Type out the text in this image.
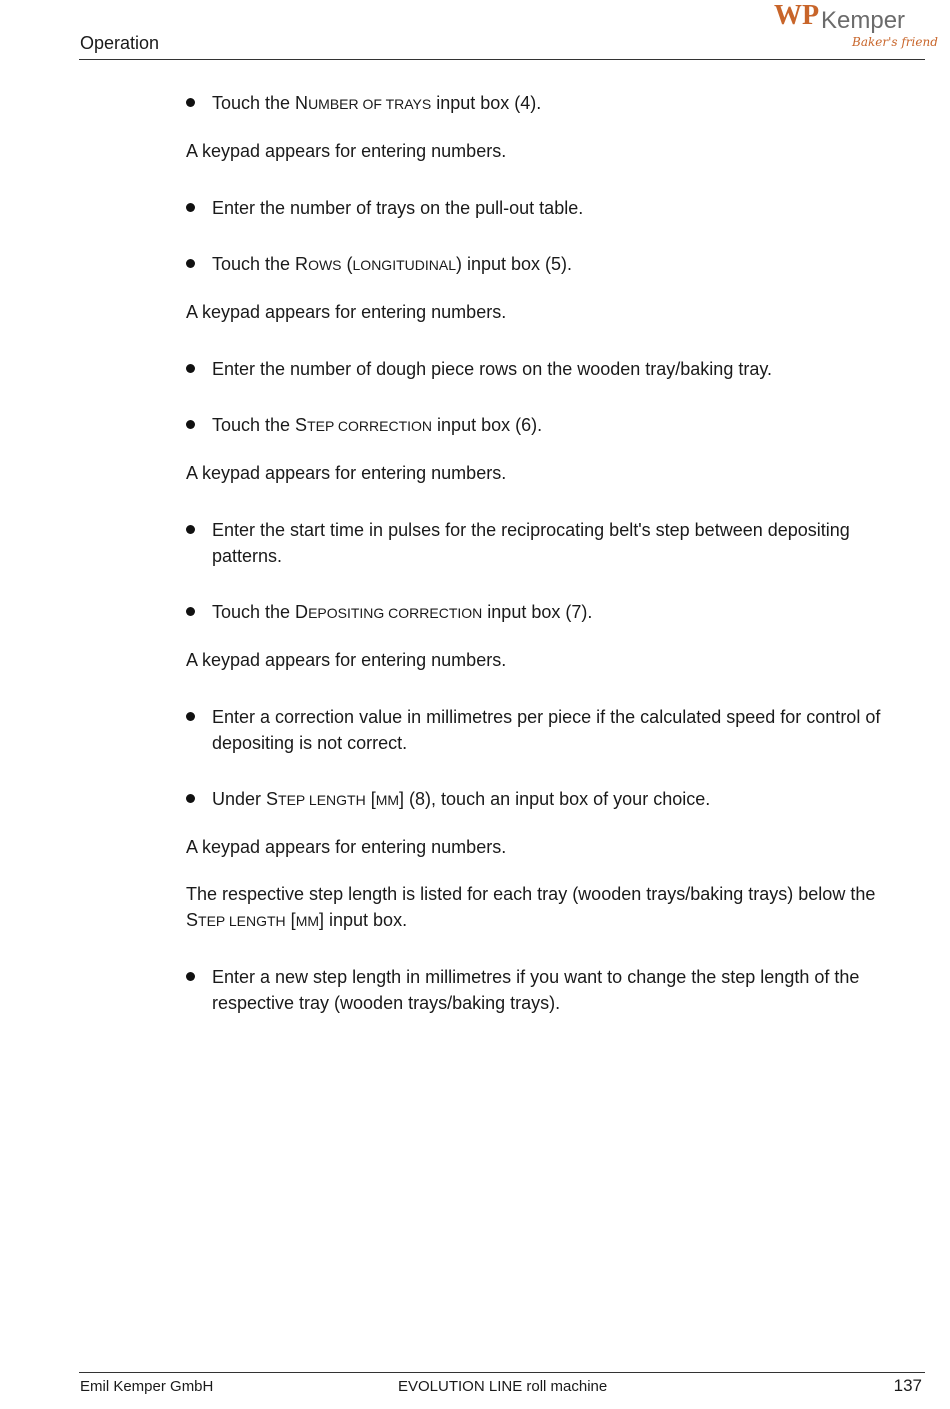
Operation
WP Kemper
Baker's friend
Touch the NUMBER OF TRAYS input box (4).
A keypad appears for entering numbers.
Enter the number of trays on the pull-out table.
Touch the ROWS (LONGITUDINAL) input box (5).
A keypad appears for entering numbers.
Enter the number of dough piece rows on the wooden tray/baking tray.
Touch the STEP CORRECTION input box (6).
A keypad appears for entering numbers.
Enter the start time in pulses for the reciprocating belt's step between depositing
patterns.
Touch the DEPOSITING CORRECTION input box (7).
A keypad appears for entering numbers.
Enter a correction value in millimetres per piece if the calculated speed for control of
depositing is not correct.
Under STEP LENGTH [MM] (8), touch an input box of your choice.
A keypad appears for entering numbers.
The respective step length is listed for each tray (wooden trays/baking trays) below the
STEP LENGTH [MM] input box.
Enter a new step length in millimetres if you want to change the step length of the
respective tray (wooden trays/baking trays).
Emil Kemper GmbH	EVOLUTION LINE roll machine	137
